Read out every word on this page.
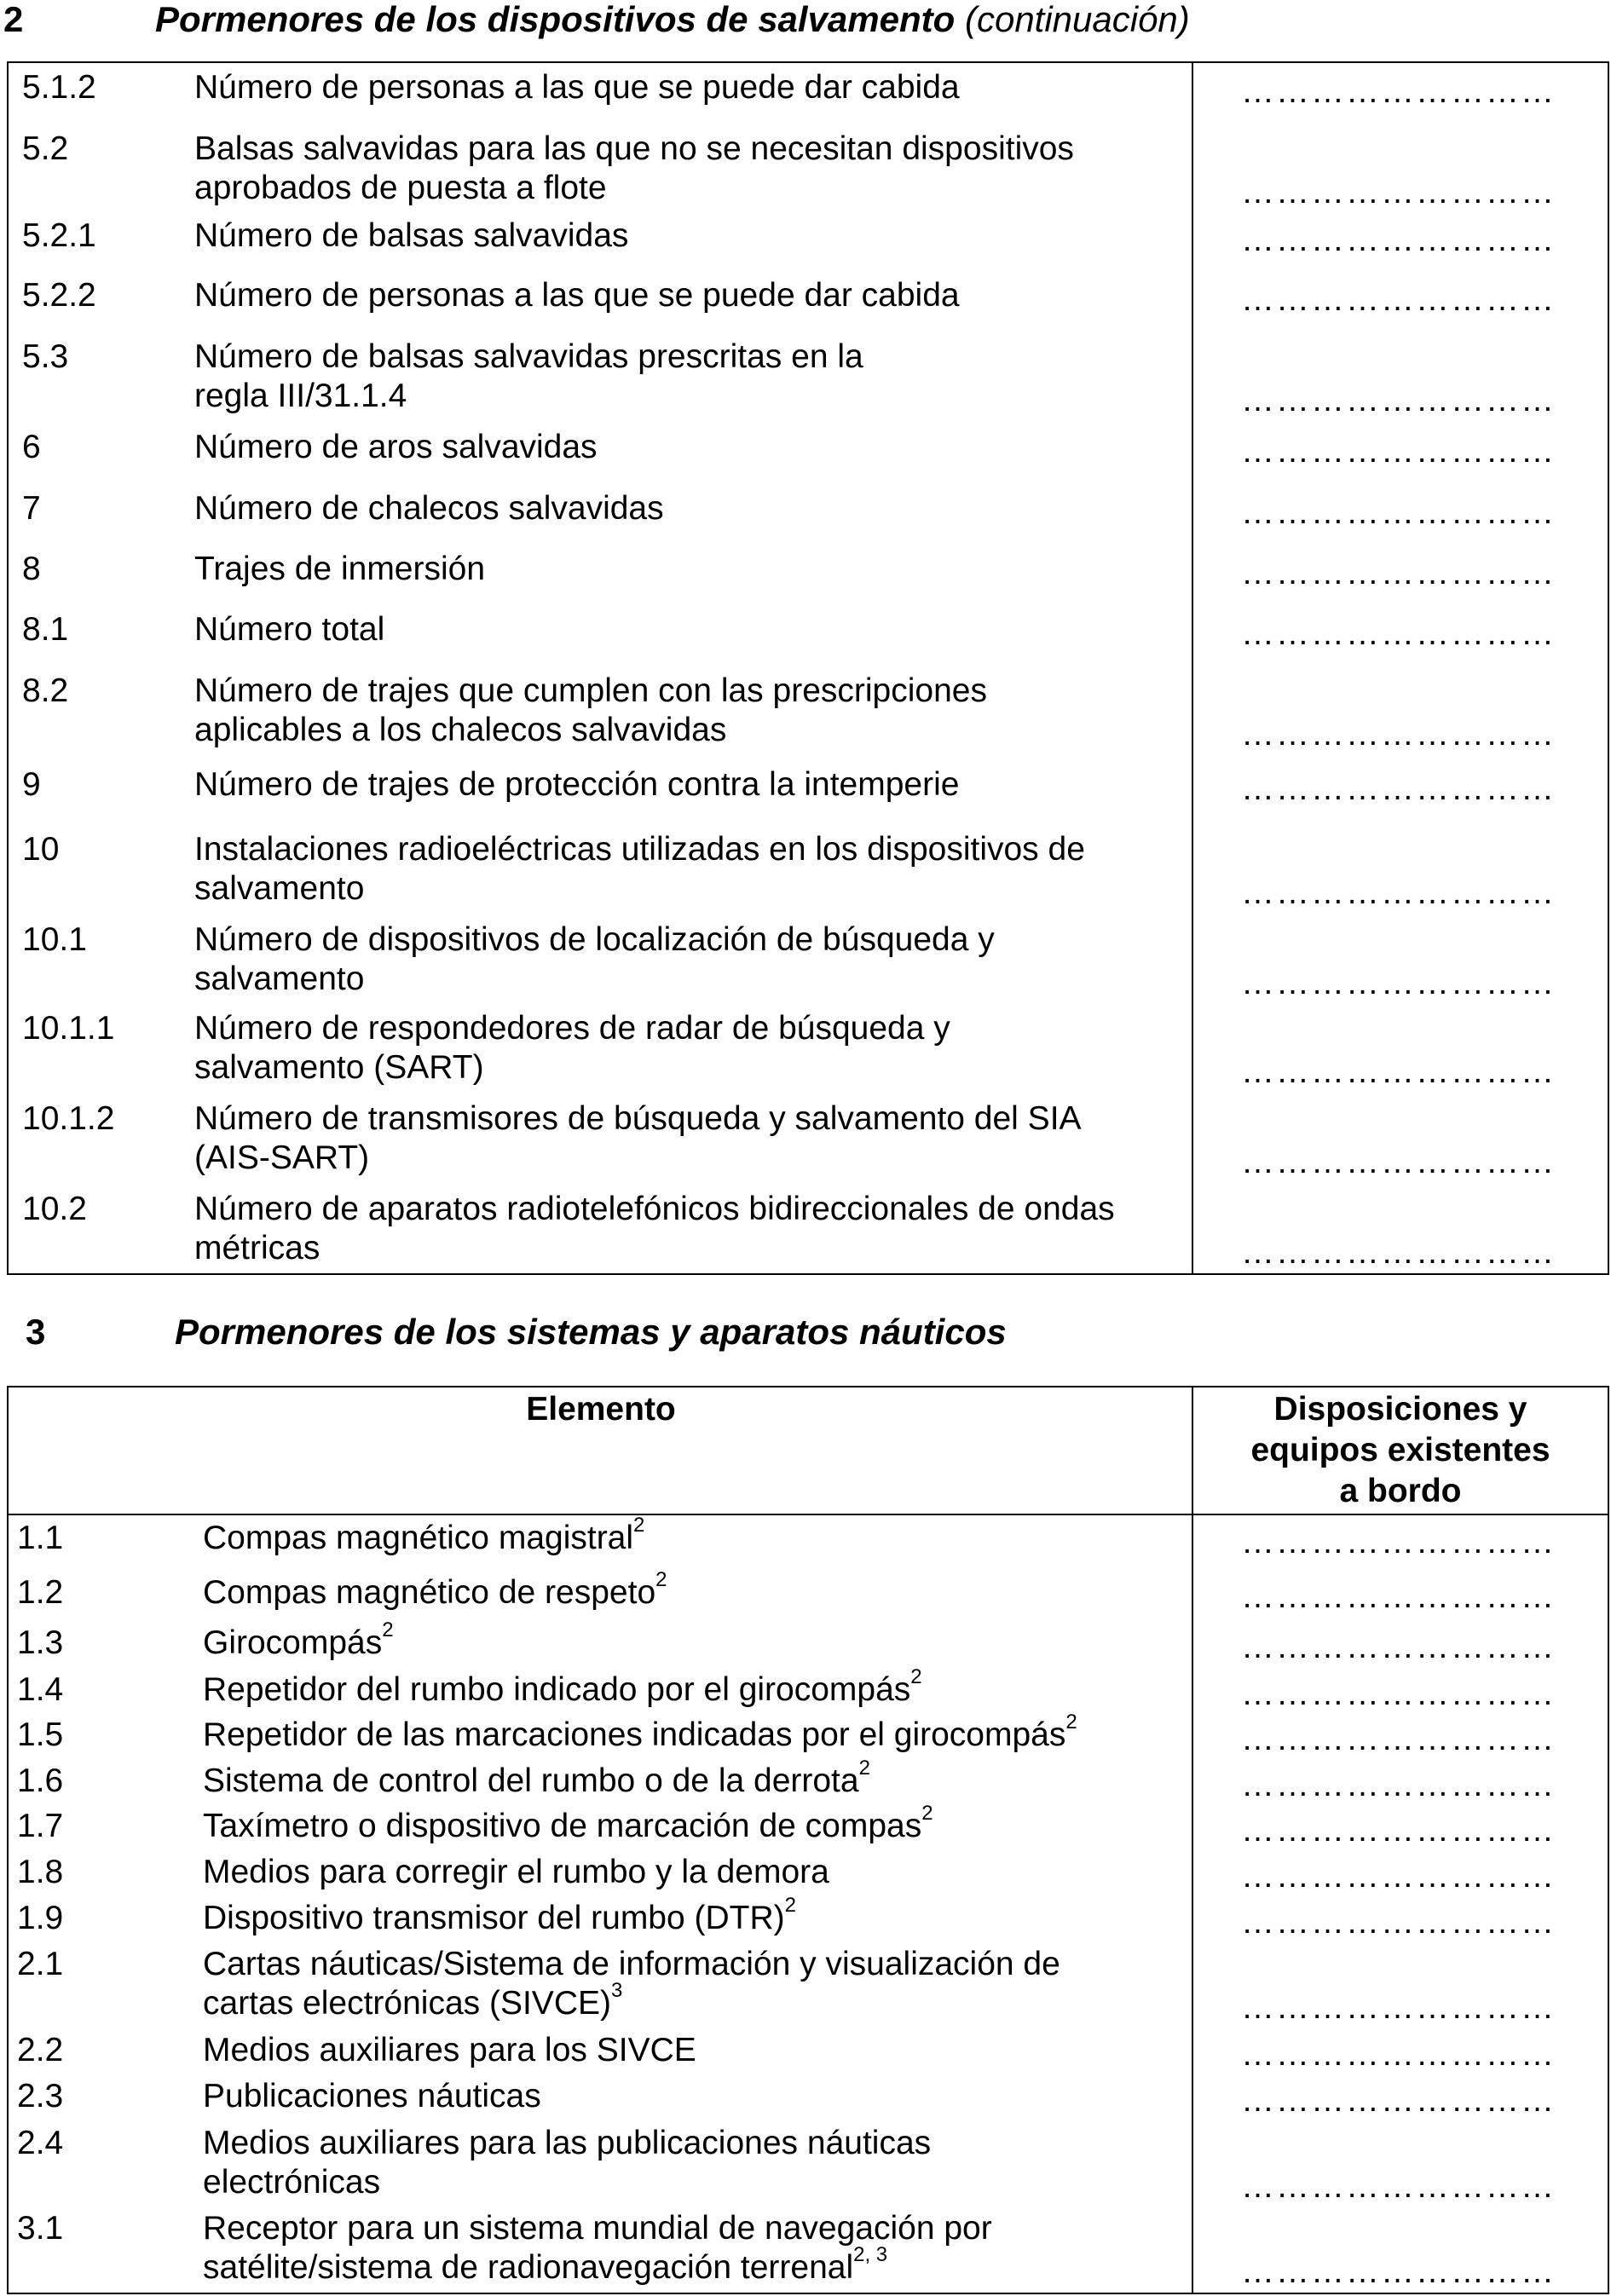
2	Pormenores de los dispositivos de salvamento (continuación)
5.1.2	Número de personas a las que se puede dar cabida	………………………
5.2	Balsas salvavidas para las que no se necesitan dispositivos
aprobados de puesta a flote	………………………
5.2.1	Número de balsas salvavidas	………………………
5.2.2	Número de personas a las que se puede dar cabida	………………………
5.3	Número de balsas salvavidas prescritas en la
regla III/31.1.4	………………………
6	Número de aros salvavidas	………………………
7	Número de chalecos salvavidas	………………………
8	Trajes de inmersión	………………………
8.1	Número total	………………………
8.2	Número de trajes que cumplen con las prescripciones
aplicables a los chalecos salvavidas	………………………
9	Número de trajes de protección contra la intemperie	………………………
10	Instalaciones radioeléctricas utilizadas en los dispositivos de
salvamento	………………………
10.1	Número de dispositivos de localización de búsqueda y
salvamento	………………………
10.1.1 Número de respondedores de radar de búsqueda y
salvamento (SART)	………………………
10.1.2 Número de transmisores de búsqueda y salvamento del SIA
(AIS-SART)	………………………
10.2	Número de aparatos radiotelefónicos bidireccionales de ondas
métricas	………………………
3	Pormenores de los sistemas y aparatos náuticos
Elemento	Disposiciones y
equipos existentes
a bordo
1.1	Compas magnético magistral$^2$	………………………
1.2	Compas magnético de respeto$^2$	………………………
1.3	Girocompás$^2$	………………………
1.4	Repetidor del rumbo indicado por el girocompás$^2$	………………………
1.5	Repetidor de las marcaciones indicadas por el girocompás$^2$	………………………
1.6	Sistema de control del rumbo o de la derrota$^2$	………………………
1.7	Taxímetro o dispositivo de marcación de compas$^2$	………………………
1.8	Medios para corregir el rumbo y la demora	………………………
1.9	Dispositivo transmisor del rumbo (DTR)$^2$	………………………
2.1	Cartas náuticas/Sistema de información y visualización de
cartas electrónicas (SIVCE)$^3$	………………………
2.2	Medios auxiliares para los SIVCE	………………………
2.3	Publicaciones náuticas	………………………
2.4	Medios auxiliares para las publicaciones náuticas
electrónicas	………………………
3.1	Receptor para un sistema mundial de navegación por
satélite/sistema de radionavegación terrenal$^{2, 3}$	………………………
